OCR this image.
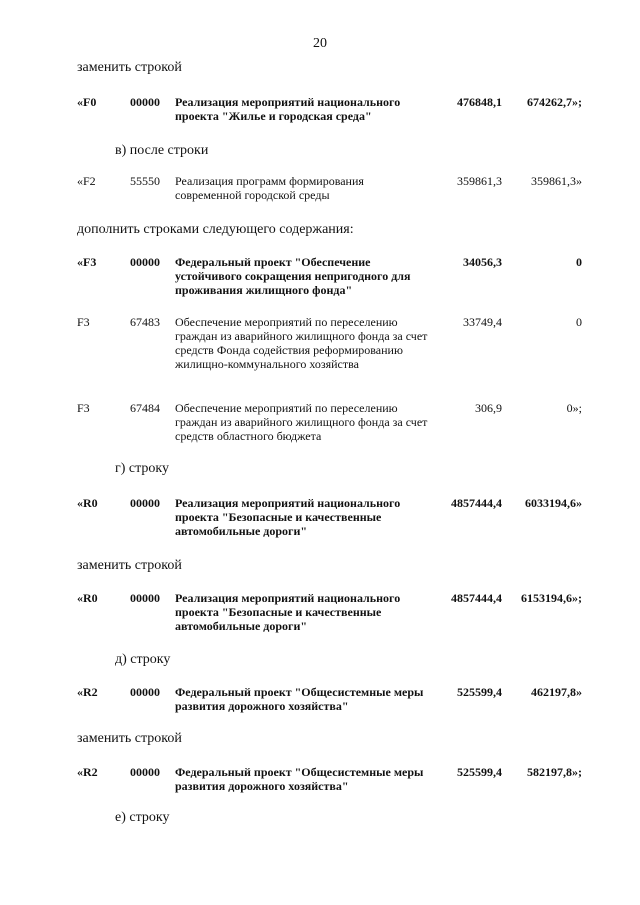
20
заменить строкой
в) после строки
дополнить строками следующего содержания:
г) строку
заменить строкой
д) строку
заменить строкой
е) строку
«F0	00000 Реализация мероприятий национального проекта "Жилье и городская среда"
476848,1 674262,7»;
«F2	55550 Реализация программ формирования современной городской среды
359861,3 359861,3»
«F3	00000 Федеральный проект "Обеспечение устойчивого сокращения непригодного для проживания жилищного фонда"
34056,3	0
F3	67483 Обеспечение мероприятий по переселению граждан из аварийного жилищного фонда за счет средств Фонда содействия реформированию жилищно-коммунального хозяйства
33749,4	0
F3	67484 Обеспечение мероприятий по переселению граждан из аварийного жилищного фонда за счет средств областного бюджета
306,9	0»;
«R0	00000 Реализация мероприятий национального проекта "Безопасные и качественные автомобильные дороги"
4857444,4 6033194,6»
«R0	00000 Реализация мероприятий национального проекта "Безопасные и качественные автомобильные дороги"
4857444,4 6153194,6»;
«R2	00000 Федеральный проект "Общесистемные меры развития дорожного хозяйства"
525599,4 462197,8»
«R2	00000 Федеральный проект "Общесистемные меры развития дорожного хозяйства"
525599,4 582197,8»;
